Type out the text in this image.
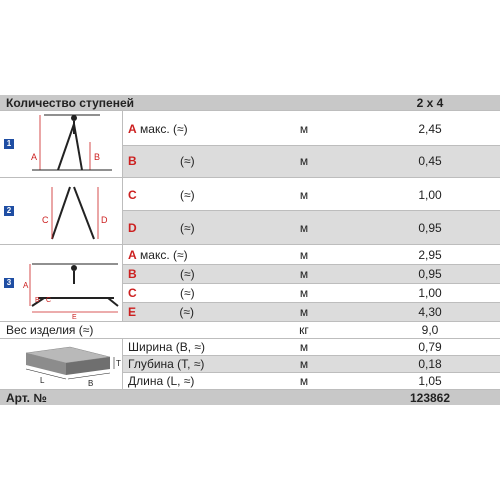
Количество ступеней	2 x 4
1
A	B
A макс. (≈)	м	2,45
B	(≈)	м	0,45
2
C	D
C	(≈)	м	1,00
D	(≈)	м	0,95
3	A
B C
E
A макс. (≈)	м	2,95
B	(≈)	м	0,95
C	(≈)	м	1,00
E	(≈)	м	4,30
Вес изделия (≈)	кг	9,0
T
L	B
Ширина (B, ≈)	м	0,79
Глубина (T, ≈)	м	0,18
Длина (L, ≈)	м	1,05
Арт. №	123862
